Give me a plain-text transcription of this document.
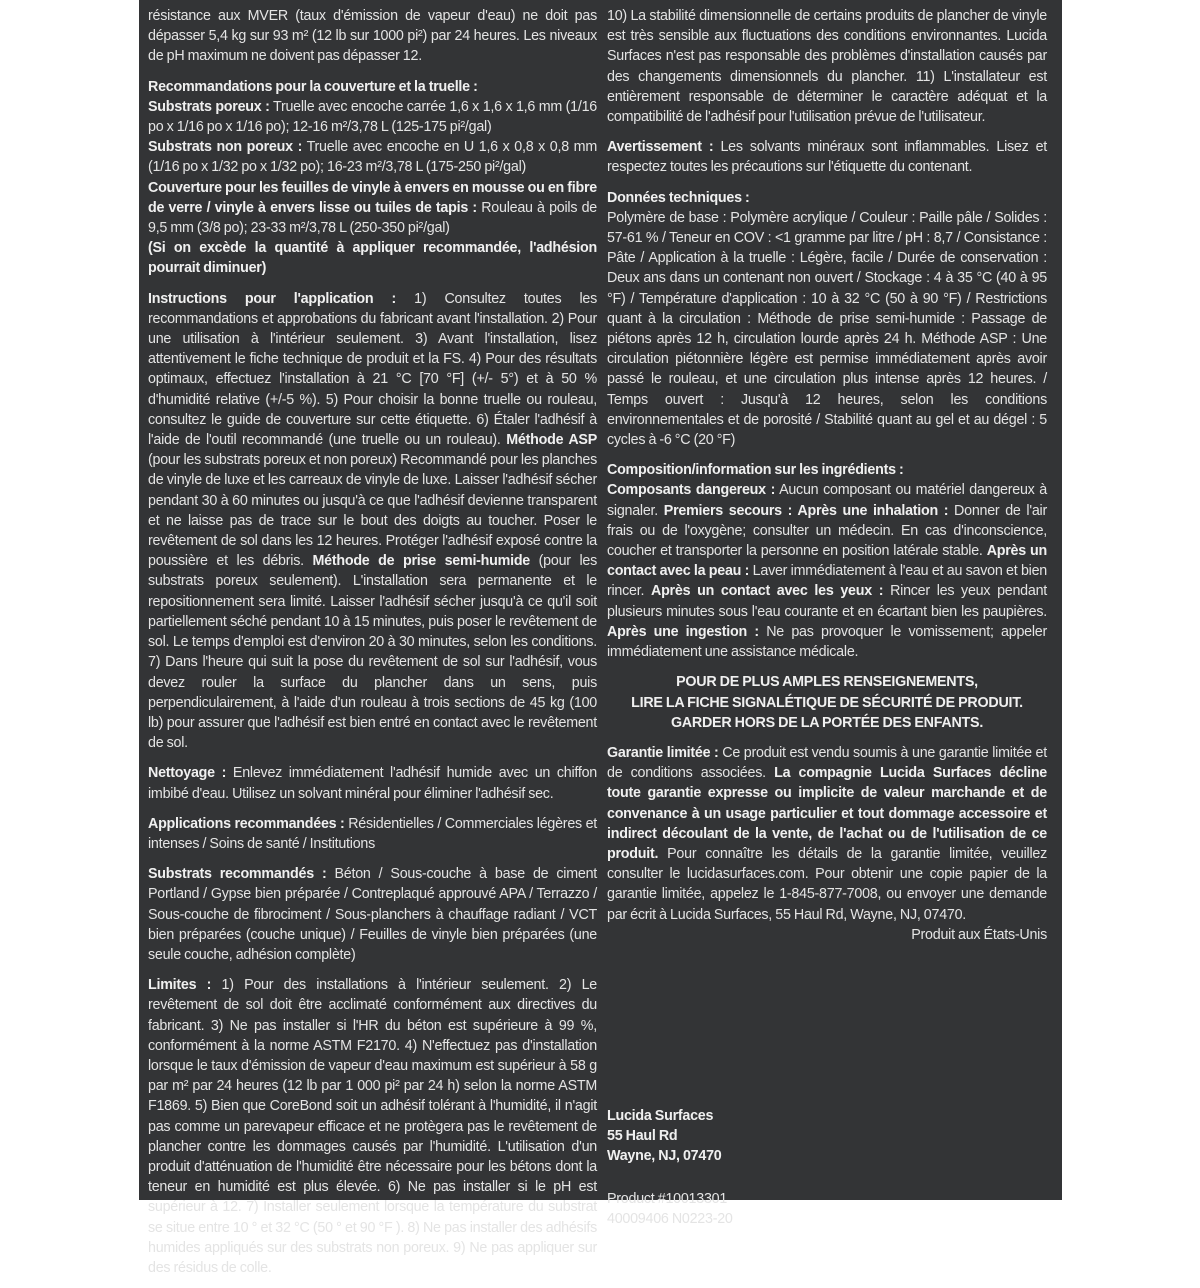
résistance aux MVER (taux d'émission de vapeur d'eau) ne doit pas dépasser 5,4 kg sur 93 m² (12 lb sur 1000 pi²) par 24 heures. Les niveaux de pH maximum ne doivent pas dépasser 12.

Recommandations pour la couverture et la truelle :

Substrats poreux : Truelle avec encoche carrée 1,6 x 1,6 x 1,6 mm (1/16 po x 1/16 po x 1/16 po); 12-16 m²/3,78 L (125-175 pi²/gal)

Substrats non poreux : Truelle avec encoche en U 1,6 x 0,8 x 0,8 mm (1/16 po x 1/32 po x 1/32 po); 16-23 m²/3,78 L (175-250 pi²/gal)

Couverture pour les feuilles de vinyle à envers en mousse ou en fibre de verre / vinyle à envers lisse ou tuiles de tapis : Rouleau à poils de 9,5 mm (3/8 po); 23-33 m²/3,78 L (250-350 pi²/gal)

(Si on excède la quantité à appliquer recommandée, l'adhésion pourrait diminuer)

Instructions pour l'application : 1) Consultez toutes les recommandations et approbations du fabricant avant l'installation. 2) Pour une utilisation à l'intérieur seulement. 3) Avant l'installation, lisez attentivement le fiche technique de produit et la FS. 4) Pour des résultats optimaux, effectuez l'installation à 21 °C [70 °F] (+/- 5°) et à 50 % d'humidité relative (+/-5 %). 5) Pour choisir la bonne truelle ou rouleau, consultez le guide de couverture sur cette étiquette. 6) Étaler l'adhésif à l'aide de l'outil recommandé (une truelle ou un rouleau). Méthode ASP (pour les substrats poreux et non poreux) Recommandé pour les planches de vinyle de luxe et les carreaux de vinyle de luxe. Laisser l'adhésif sécher pendant 30 à 60 minutes ou jusqu'à ce que l'adhésif devienne transparent et ne laisse pas de trace sur le bout des doigts au toucher. Poser le revêtement de sol dans les 12 heures. Protéger l'adhésif exposé contre la poussière et les débris. Méthode de prise semi-humide (pour les substrats poreux seulement). L'installation sera permanente et le repositionnement sera limité. Laisser l'adhésif sécher jusqu'à ce qu'il soit partiellement séché pendant 10 à 15 minutes, puis poser le revêtement de sol. Le temps d'emploi est d'environ 20 à 30 minutes, selon les conditions. 7) Dans l'heure qui suit la pose du revêtement de sol sur l'adhésif, vous devez rouler la surface du plancher dans un sens, puis perpendiculairement, à l'aide d'un rouleau à trois sections de 45 kg (100 lb) pour assurer que l'adhésif est bien entré en contact avec le revêtement de sol.

Nettoyage : Enlevez immédiatement l'adhésif humide avec un chiffon imbibé d'eau. Utilisez un solvant minéral pour éliminer l'adhésif sec.

Applications recommandées : Résidentielles / Commerciales légères et intenses / Soins de santé / Institutions

Substrats recommandés : Béton / Sous-couche à base de ciment Portland / Gypse bien préparée / Contreplaqué approuvé APA / Terrazzo / Sous-couche de fibrociment / Sous-planchers à chauffage radiant / VCT bien préparées (couche unique) / Feuilles de vinyle bien préparées (une seule couche, adhésion complète)

Limites : 1) Pour des installations à l'intérieur seulement. 2) Le revêtement de sol doit être acclimaté conformément aux directives du fabricant. 3) Ne pas installer si l'HR du béton est supérieure à 99 %, conformément à la norme ASTM F2170. 4) N'effectuez pas d'installation lorsque le taux d'émission de vapeur d'eau maximum est supérieur à 58 g par m² par 24 heures (12 lb par 1 000 pi² par 24 h) selon la norme ASTM F1869. 5) Bien que CoreBond soit un adhésif tolérant à l'humidité, il n'agit pas comme un parevapeur efficace et ne protègera pas le revêtement de plancher contre les dommages causés par l'humidité. L'utilisation d'un produit d'atténuation de l'humidité être nécessaire pour les bétons dont la teneur en humidité est plus élevée. 6) Ne pas installer si le pH est supérieur à 12. 7) Installer seulement lorsque la température du substrat se situe entre 10 ° et 32 °C (50 ° et 90 °F ). 8) Ne pas installer des adhésifs humides appliqués sur des substrats non poreux. 9) Ne pas appliquer sur des résidus de colle.

10) La stabilité dimensionnelle de certains produits de plancher de vinyle est très sensible aux fluctuations des conditions environnantes. Lucida Surfaces n'est pas responsable des problèmes d'installation causés par des changements dimensionnels du plancher. 11) L'installateur est entièrement responsable de déterminer le caractère adéquat et la compatibilité de l'adhésif pour l'utilisation prévue de l'utilisateur.

Avertissement : Les solvants minéraux sont inflammables. Lisez et respectez toutes les précautions sur l'étiquette du contenant.

Données techniques :

Polymère de base : Polymère acrylique / Couleur : Paille pâle / Solides : 57-61 % / Teneur en COV : <1 gramme par litre / pH : 8,7 / Consistance : Pâte / Application à la truelle : Légère, facile / Durée de conservation : Deux ans dans un contenant non ouvert / Stockage : 4 à 35 °C (40 à 95 °F) / Température d'application : 10 à 32 °C (50 à 90 °F) / Restrictions quant à la circulation : Méthode de prise semi-humide : Passage de piétons après 12 h, circulation lourde après 24 h. Méthode ASP : Une circulation piétonnière légère est permise immédiatement après avoir passé le rouleau, et une circulation plus intense après 12 heures. / Temps ouvert : Jusqu'à 12 heures, selon les conditions environnementales et de porosité / Stabilité quant au gel et au dégel : 5 cycles à -6 °C (20 °F)

Composition/information sur les ingrédients :

Composants dangereux : Aucun composant ou matériel dangereux à signaler. Premiers secours : Après une inhalation : Donner de l'air frais ou de l'oxygène; consulter un médecin. En cas d'inconscience, coucher et transporter la personne en position latérale stable. Après un contact avec la peau : Laver immédiatement à l'eau et au savon et bien rincer. Après un contact avec les yeux : Rincer les yeux pendant plusieurs minutes sous l'eau courante et en écartant bien les paupières. Après une ingestion : Ne pas provoquer le vomissement; appeler immédiatement une assistance médicale.

POUR DE PLUS AMPLES RENSEIGNEMENTS,

LIRE LA FICHE SIGNALÉTIQUE DE SÉCURITÉ DE PRODUIT.

GARDER HORS DE LA PORTÉE DES ENFANTS.

Garantie limitée : Ce produit est vendu soumis à une garantie limitée et de conditions associées. La compagnie Lucida Surfaces décline toute garantie expresse ou implicite de valeur marchande et de convenance à un usage particulier et tout dommage accessoire et indirect découlant de la vente, de l'achat ou de l'utilisation de ce produit. Pour connaître les détails de la garantie limitée, veuillez consulter le lucidasurfaces.com. Pour obtenir une copie papier de la garantie limitée, appelez le 1-845-877-7008, ou envoyer une demande par écrit à Lucida Surfaces, 55 Haul Rd, Wayne, NJ, 07470.

Produit aux États-Unis

Lucida Surfaces

55 Haul Rd

Wayne, NJ, 07470

Product #10013301

40009406 N0223-20
